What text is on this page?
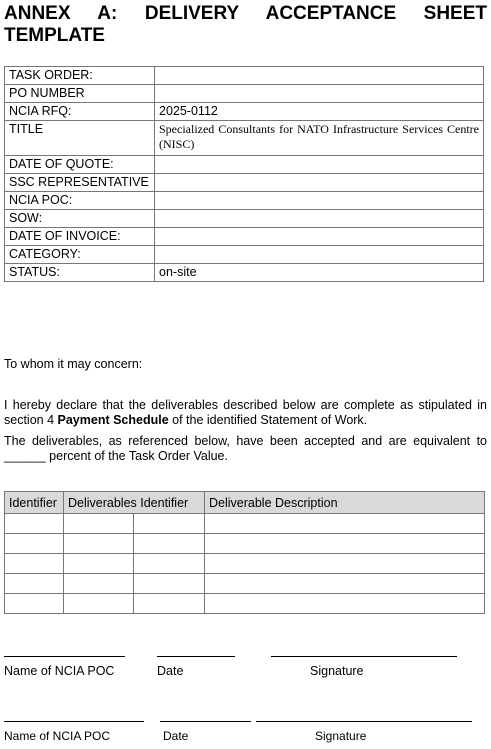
ANNEX A: DELIVERY ACCEPTANCE SHEET TEMPLATE
TASK ORDER:	
PO NUMBER	
NCIA RFQ:	2025-0112
TITLE	Specialized Consultants for NATO Infrastructure Services Centre (NISC)
DATE OF QUOTE:	
SSC REPRESENTATIVE	
NCIA POC:	
SOW:	
DATE OF INVOICE:	
CATEGORY:	
STATUS:	on-site

To whom it may concern:

I hereby declare that the deliverables described below are complete as stipulated in section 4 Payment Schedule of the identified Statement of Work.

The deliverables, as referenced below, have been accepted and are equivalent to ______ percent of the Task Order Value.

Identifier	Deliverables Identifier		Deliverable Description

Name of NCIA POC	Date	Signature
Name of NCIA POC	Date	Signature
